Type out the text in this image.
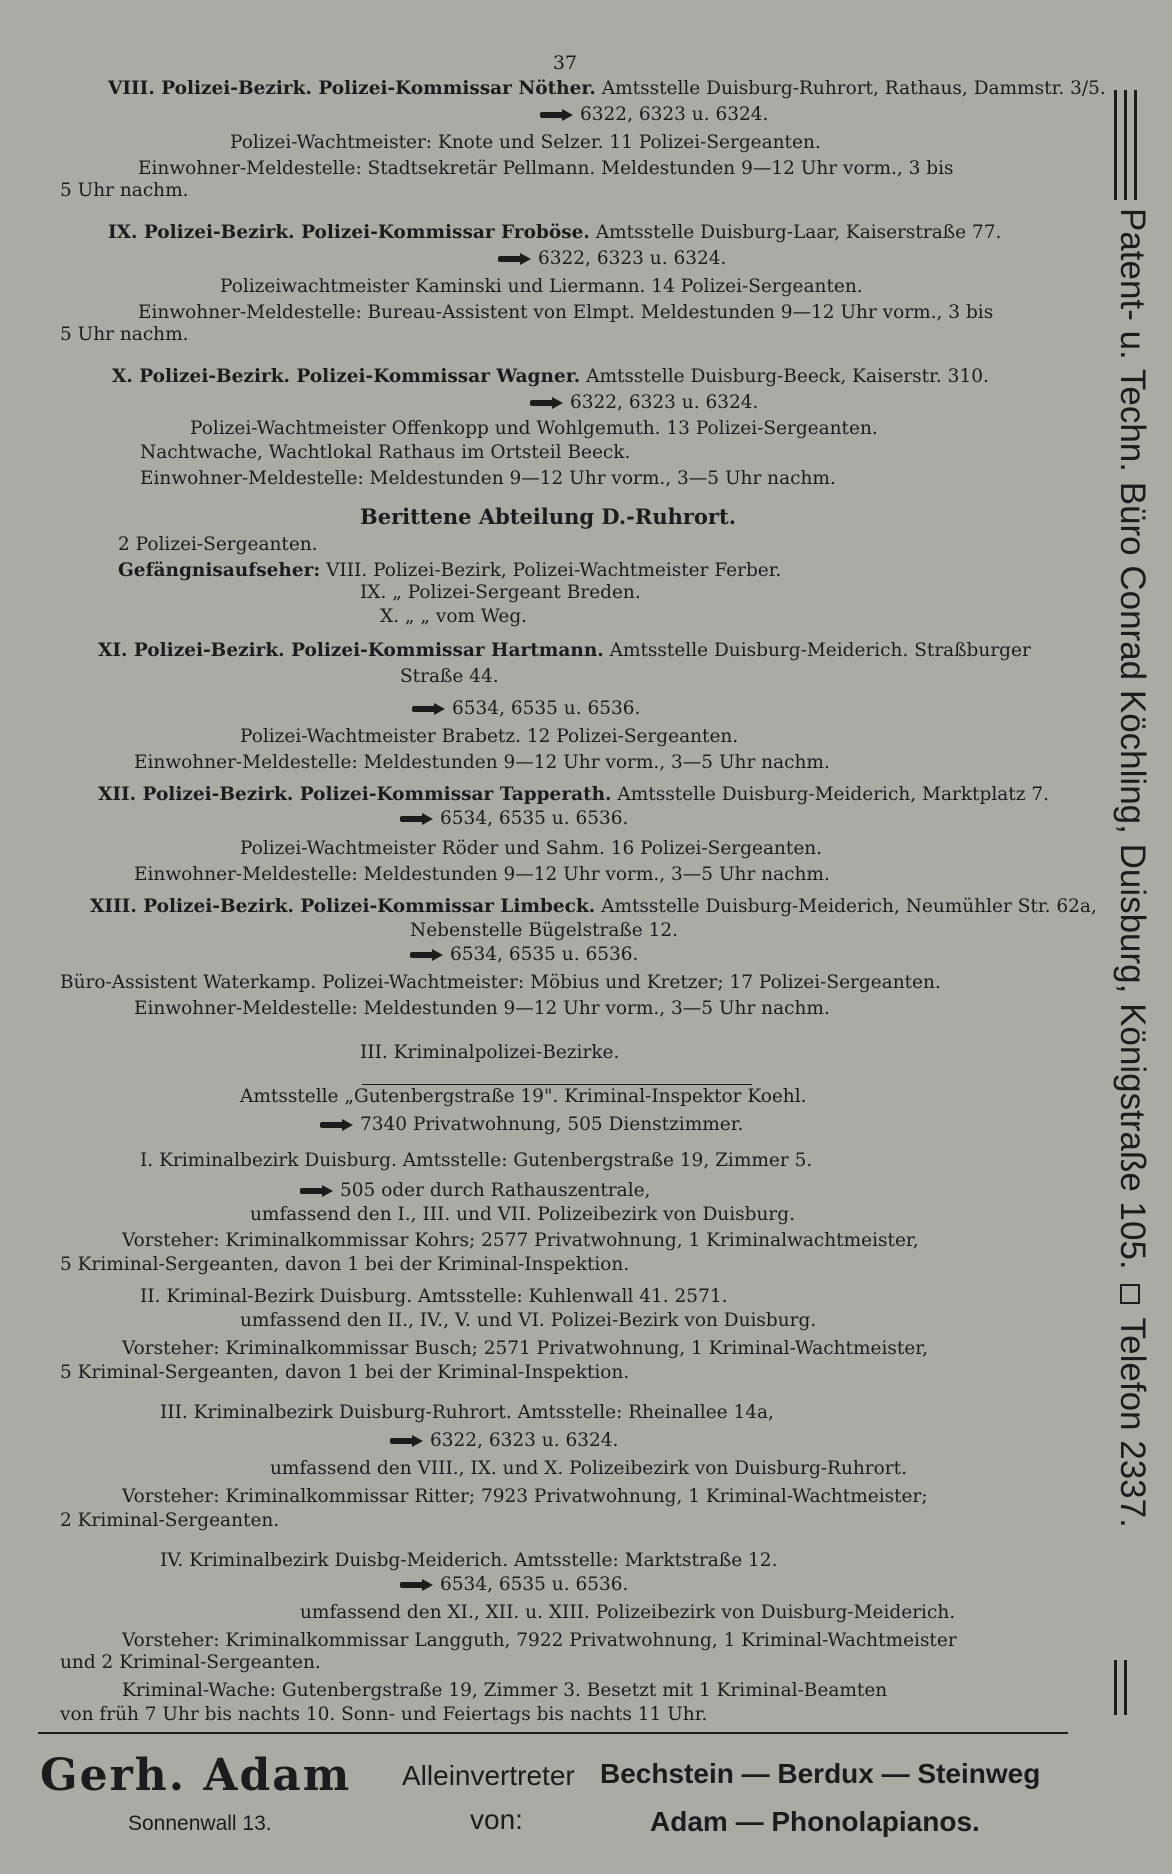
37
VIII. Polizei-Bezirk. Polizei-Kommissar Nöther. Amtsstelle Duisburg-Ruhrort, Rathaus, Dammstr. 3/5.
6322, 6323 u. 6324.
Polizei-Wachtmeister: Knote und Selzer. 11 Polizei-Sergeanten.
Einwohner-Meldestelle: Stadtsekretär Pellmann. Meldestunden 9—12 Uhr vorm., 3 bis
5 Uhr nachm.
IX. Polizei-Bezirk. Polizei-Kommissar Froböse. Amtsstelle Duisburg-Laar, Kaiserstraße 77.
6322, 6323 u. 6324.
Polizeiwachtmeister Kaminski und Liermann. 14 Polizei-Sergeanten.
Einwohner-Meldestelle: Bureau-Assistent von Elmpt. Meldestunden 9—12 Uhr vorm., 3 bis
5 Uhr nachm.
X. Polizei-Bezirk. Polizei-Kommissar Wagner. Amtsstelle Duisburg-Beeck, Kaiserstr. 310.
6322, 6323 u. 6324.
Polizei-Wachtmeister Offenkopp und Wohlgemuth. 13 Polizei-Sergeanten.
Nachtwache, Wachtlokal Rathaus im Ortsteil Beeck.
Einwohner-Meldestelle: Meldestunden 9—12 Uhr vorm., 3—5 Uhr nachm.
Berittene Abteilung D.-Ruhrort.
2 Polizei-Sergeanten.
Gefängnisaufseher: VIII. Polizei-Bezirk, Polizei-Wachtmeister Ferber.
IX. „ Polizei-Sergeant Breden.
X. „ „ vom Weg.
XI. Polizei-Bezirk. Polizei-Kommissar Hartmann. Amtsstelle Duisburg-Meiderich. Straßburger
Straße 44.
6534, 6535 u. 6536.
Polizei-Wachtmeister Brabetz. 12 Polizei-Sergeanten.
Einwohner-Meldestelle: Meldestunden 9—12 Uhr vorm., 3—5 Uhr nachm.
XII. Polizei-Bezirk. Polizei-Kommissar Tapperath. Amtsstelle Duisburg-Meiderich, Marktplatz 7.
6534, 6535 u. 6536.
Polizei-Wachtmeister Röder und Sahm. 16 Polizei-Sergeanten.
Einwohner-Meldestelle: Meldestunden 9—12 Uhr vorm., 3—5 Uhr nachm.
XIII. Polizei-Bezirk. Polizei-Kommissar Limbeck. Amtsstelle Duisburg-Meiderich, Neumühler Str. 62a,
Nebenstelle Bügelstraße 12.
6534, 6535 u. 6536.
Büro-Assistent Waterkamp. Polizei-Wachtmeister: Möbius und Kretzer; 17 Polizei-Sergeanten.
Einwohner-Meldestelle: Meldestunden 9—12 Uhr vorm., 3—5 Uhr nachm.
III. Kriminalpolizei-Bezirke.
Amtsstelle „Gutenbergstraße 19". Kriminal-Inspektor Koehl.
7340 Privatwohnung, 505 Dienstzimmer.
I. Kriminalbezirk Duisburg. Amtsstelle: Gutenbergstraße 19, Zimmer 5.
505 oder durch Rathauszentrale,
umfassend den I., III. und VII. Polizeibezirk von Duisburg.
Vorsteher: Kriminalkommissar Kohrs; 2577 Privatwohnung, 1 Kriminalwachtmeister,
5 Kriminal-Sergeanten, davon 1 bei der Kriminal-Inspektion.
II. Kriminal-Bezirk Duisburg. Amtsstelle: Kuhlenwall 41. 2571.
umfassend den II., IV., V. und VI. Polizei-Bezirk von Duisburg.
Vorsteher: Kriminalkommissar Busch; 2571 Privatwohnung, 1 Kriminal-Wachtmeister,
5 Kriminal-Sergeanten, davon 1 bei der Kriminal-Inspektion.
III. Kriminalbezirk Duisburg-Ruhrort. Amtsstelle: Rheinallee 14a,
6322, 6323 u. 6324.
umfassend den VIII., IX. und X. Polizeibezirk von Duisburg-Ruhrort.
Vorsteher: Kriminalkommissar Ritter; 7923 Privatwohnung, 1 Kriminal-Wachtmeister;
2 Kriminal-Sergeanten.
IV. Kriminalbezirk Duisbg-Meiderich. Amtsstelle: Marktstraße 12.
6534, 6535 u. 6536.
umfassend den XI., XII. u. XIII. Polizeibezirk von Duisburg-Meiderich.
Vorsteher: Kriminalkommissar Langguth, 7922 Privatwohnung, 1 Kriminal-Wachtmeister
und 2 Kriminal-Sergeanten.
Kriminal-Wache: Gutenbergstraße 19, Zimmer 3. Besetzt mit 1 Kriminal-Beamten
von früh 7 Uhr bis nachts 10. Sonn- und Feiertags bis nachts 11 Uhr.
Patent- u. Techn. Büro Conrad Köchling, Duisburg, Königstraße 105.Telefon 2337.
Gerh. Adam
Sonnenwall 13.
Alleinvertreter
von:
Bechstein — Berdux — Steinweg
Adam — Phonolapianos.
